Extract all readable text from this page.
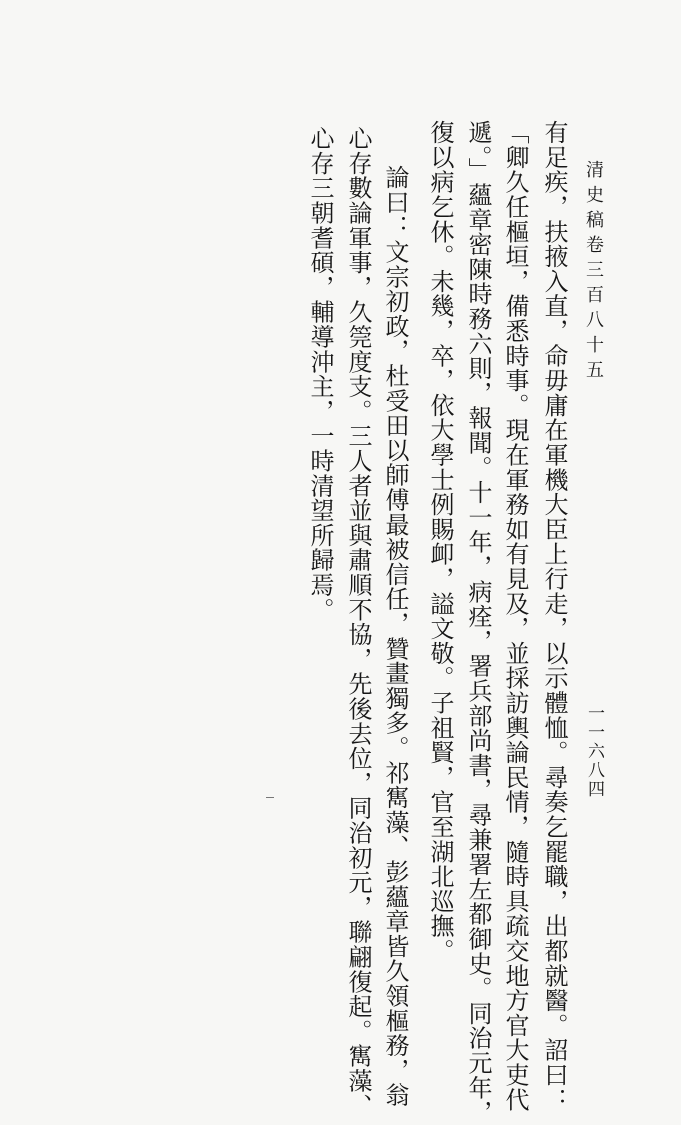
清史稿卷三百八十五
一一六八四
有足疾，扶掖入直，命毋庸在軍機大臣上行走，以示體恤。尋奏乞罷職，出都就醫。詔曰：
「卿久任樞垣，備悉時事。現在軍務如有見及，並採訪輿論民情，隨時具疏交地方官大吏代
遞。」蘊章密陳時務六則，報聞。十一年，病痊，署兵部尚書，尋兼署左都御史。同治元年，
復以病乞休。未幾，卒，依大學士例賜卹，謚文敬。子祖賢，官至湖北巡撫。
論曰：文宗初政，杜受田以師傅最被信任，贊畫獨多。祁寯藻、彭蘊章皆久領樞務，翁
心存數論軍事，久筦度支。三人者並與肅順不協，先後去位，同治初元，聯翩復起。寯藻、
心存三朝耆碩，輔導沖主，一時清望所歸焉。
